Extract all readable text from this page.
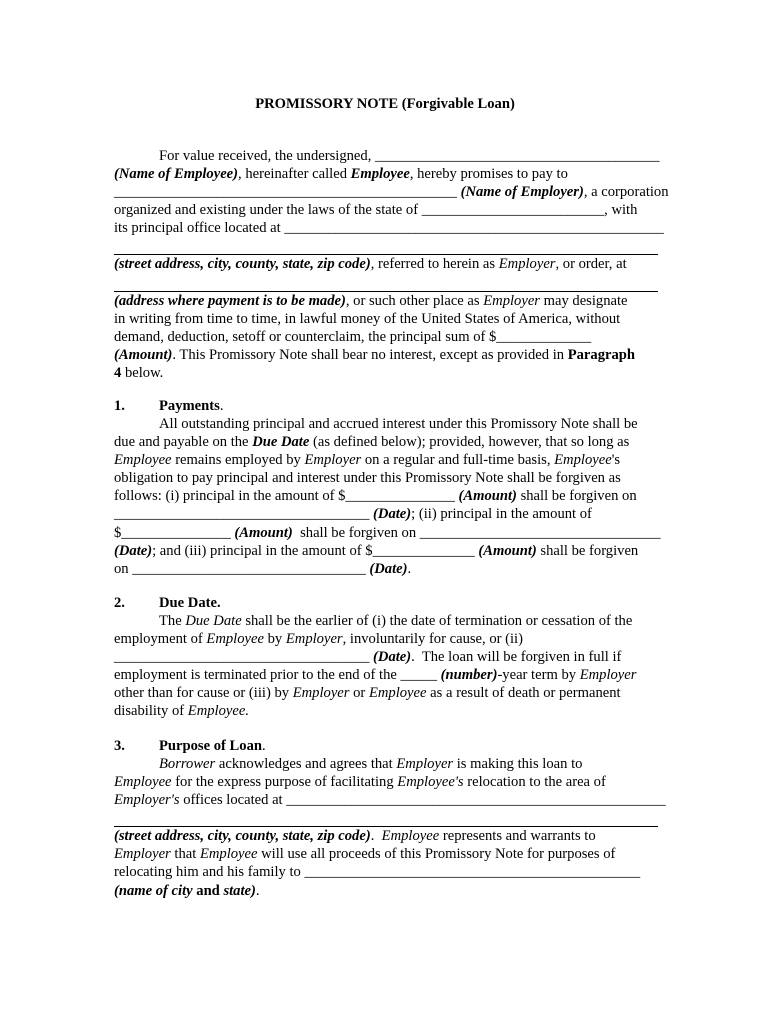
PROMISSORY NOTE (Forgivable Loan)
For value received, the undersigned, _______________________________________
(Name of Employee), hereinafter called Employee, hereby promises to pay to
_______________________________________________ (Name of Employer), a corporation
organized and existing under the laws of the state of _________________________, with
its principal office located at ____________________________________________________
(street address, city, county, state, zip code), referred to herein as Employer, or order, at
(address where payment is to be made), or such other place as Employer may designate
in writing from time to time, in lawful money of the United States of America, without
demand, deduction, setoff or counterclaim, the principal sum of $_____________
(Amount). This Promissory Note shall bear no interest, except as provided in Paragraph
4 below.
1. Payments.
All outstanding principal and accrued interest under this Promissory Note shall be
due and payable on the Due Date (as defined below); provided, however, that so long as
Employee remains employed by Employer on a regular and full-time basis, Employee's
obligation to pay principal and interest under this Promissory Note shall be forgiven as
follows: (i) principal in the amount of $_______________ (Amount) shall be forgiven on
___________________________________ (Date); (ii) principal in the amount of
$_______________ (Amount)  shall be forgiven on _________________________________
(Date); and (iii) principal in the amount of $______________ (Amount) shall be forgiven
on ________________________________ (Date).
2. Due Date.
The Due Date shall be the earlier of (i) the date of termination or cessation of the
employment of Employee by Employer, involuntarily for cause, or (ii)
___________________________________ (Date).  The loan will be forgiven in full if
employment is terminated prior to the end of the _____ (number)-year term by Employer
other than for cause or (iii) by Employer or Employee as a result of death or permanent
disability of Employee.
3. Purpose of Loan.
Borrower acknowledges and agrees that Employer is making this loan to
Employee for the express purpose of facilitating Employee's relocation to the area of
Employer's offices located at ____________________________________________________
(street address, city, county, state, zip code).  Employee represents and warrants to
Employer that Employee will use all proceeds of this Promissory Note for purposes of
relocating him and his family to ______________________________________________
(name of city and state).
